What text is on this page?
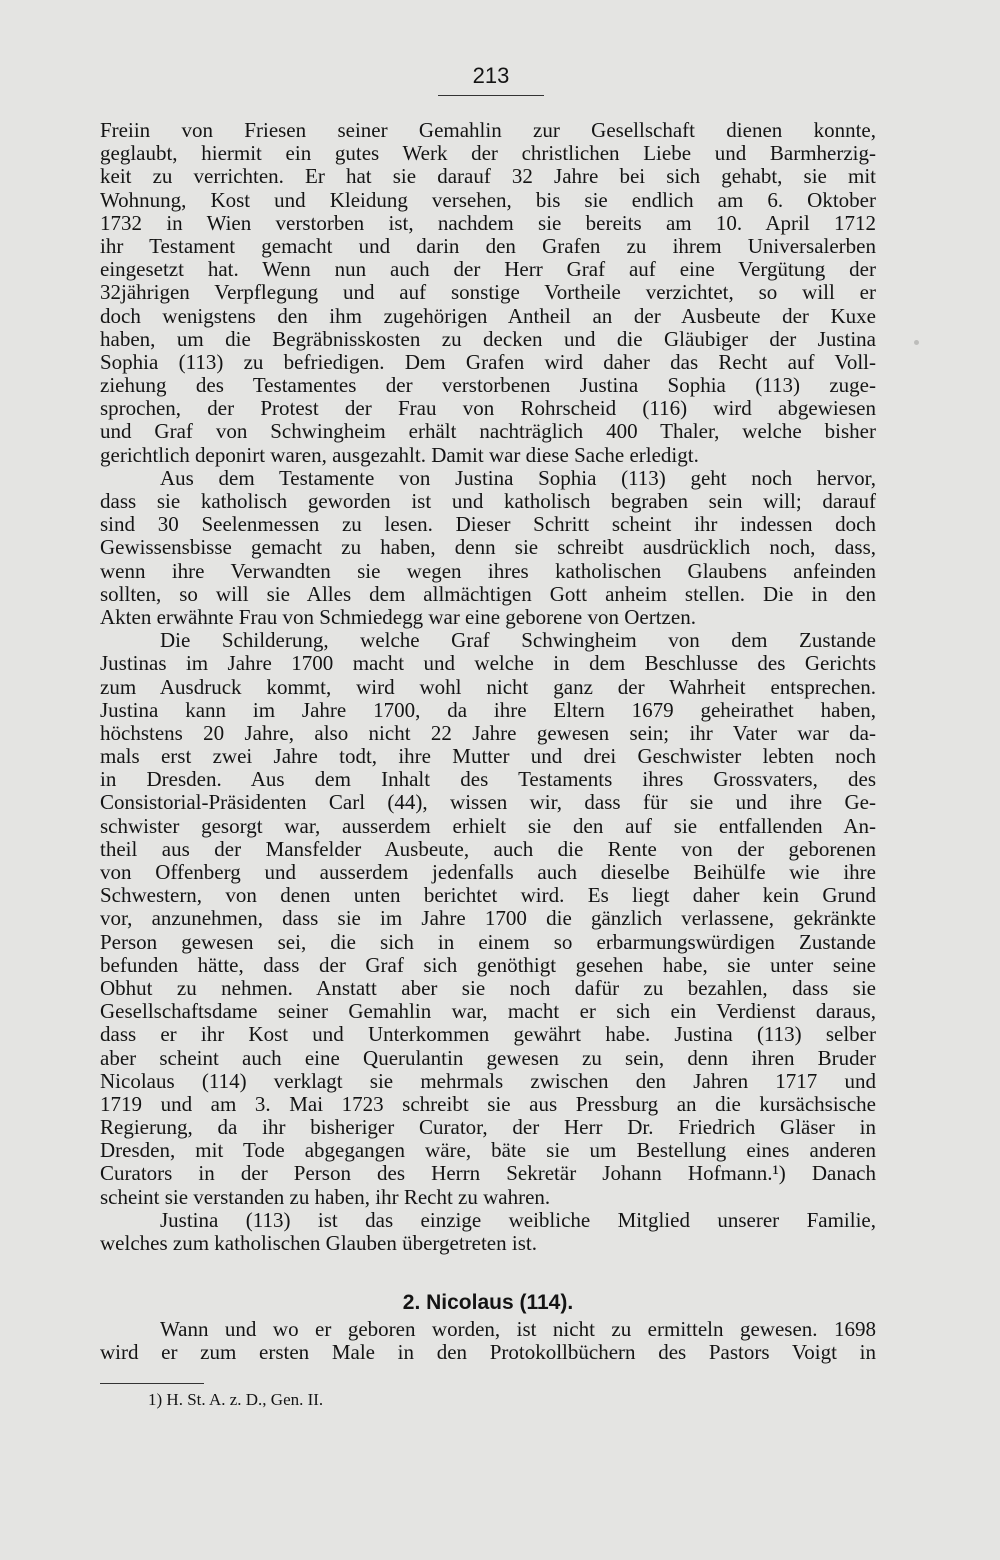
213
Freiin von Friesen seiner Gemahlin zur Gesellschaft dienen konnte,
geglaubt, hiermit ein gutes Werk der christlichen Liebe und Barmherzig-
keit zu verrichten. Er hat sie darauf 32 Jahre bei sich gehabt, sie mit
Wohnung, Kost und Kleidung versehen, bis sie endlich am 6. Oktober
1732 in Wien verstorben ist, nachdem sie bereits am 10. April 1712
ihr Testament gemacht und darin den Grafen zu ihrem Universalerben
eingesetzt hat. Wenn nun auch der Herr Graf auf eine Vergütung der
32jährigen Verpflegung und auf sonstige Vortheile verzichtet, so will er
doch wenigstens den ihm zugehörigen Antheil an der Ausbeute der Kuxe
haben, um die Begräbnisskosten zu decken und die Gläubiger der Justina
Sophia (113) zu befriedigen. Dem Grafen wird daher das Recht auf Voll-
ziehung des Testamentes der verstorbenen Justina Sophia (113) zuge-
sprochen, der Protest der Frau von Rohrscheid (116) wird abgewiesen
und Graf von Schwingheim erhält nachträglich 400 Thaler, welche bisher
gerichtlich deponirt waren, ausgezahlt. Damit war diese Sache erledigt.
Aus dem Testamente von Justina Sophia (113) geht noch hervor,
dass sie katholisch geworden ist und katholisch begraben sein will; darauf
sind 30 Seelenmessen zu lesen. Dieser Schritt scheint ihr indessen doch
Gewissensbisse gemacht zu haben, denn sie schreibt ausdrücklich noch, dass,
wenn ihre Verwandten sie wegen ihres katholischen Glaubens anfeinden
sollten, so will sie Alles dem allmächtigen Gott anheim stellen. Die in den
Akten erwähnte Frau von Schmiedegg war eine geborene von Oertzen.
Die Schilderung, welche Graf Schwingheim von dem Zustande
Justinas im Jahre 1700 macht und welche in dem Beschlusse des Gerichts
zum Ausdruck kommt, wird wohl nicht ganz der Wahrheit entsprechen.
Justina kann im Jahre 1700, da ihre Eltern 1679 geheirathet haben,
höchstens 20 Jahre, also nicht 22 Jahre gewesen sein; ihr Vater war da-
mals erst zwei Jahre todt, ihre Mutter und drei Geschwister lebten noch
in Dresden. Aus dem Inhalt des Testaments ihres Grossvaters, des
Consistorial-Präsidenten Carl (44), wissen wir, dass für sie und ihre Ge-
schwister gesorgt war, ausserdem erhielt sie den auf sie entfallenden An-
theil aus der Mansfelder Ausbeute, auch die Rente von der geborenen
von Offenberg und ausserdem jedenfalls auch dieselbe Beihülfe wie ihre
Schwestern, von denen unten berichtet wird. Es liegt daher kein Grund
vor, anzunehmen, dass sie im Jahre 1700 die gänzlich verlassene, gekränkte
Person gewesen sei, die sich in einem so erbarmungswürdigen Zustande
befunden hätte, dass der Graf sich genöthigt gesehen habe, sie unter seine
Obhut zu nehmen. Anstatt aber sie noch dafür zu bezahlen, dass sie
Gesellschaftsdame seiner Gemahlin war, macht er sich ein Verdienst daraus,
dass er ihr Kost und Unterkommen gewährt habe. Justina (113) selber
aber scheint auch eine Querulantin gewesen zu sein, denn ihren Bruder
Nicolaus (114) verklagt sie mehrmals zwischen den Jahren 1717 und
1719 und am 3. Mai 1723 schreibt sie aus Pressburg an die kursächsische
Regierung, da ihr bisheriger Curator, der Herr Dr. Friedrich Gläser in
Dresden, mit Tode abgegangen wäre, bäte sie um Bestellung eines anderen
Curators in der Person des Herrn Sekretär Johann Hofmann.¹) Danach
scheint sie verstanden zu haben, ihr Recht zu wahren.
Justina (113) ist das einzige weibliche Mitglied unserer Familie,
welches zum katholischen Glauben übergetreten ist.
2. Nicolaus (114).
Wann und wo er geboren worden, ist nicht zu ermitteln gewesen. 1698
wird er zum ersten Male in den Protokollbüchern des Pastors Voigt in
1) H. St. A. z. D., Gen. II.
